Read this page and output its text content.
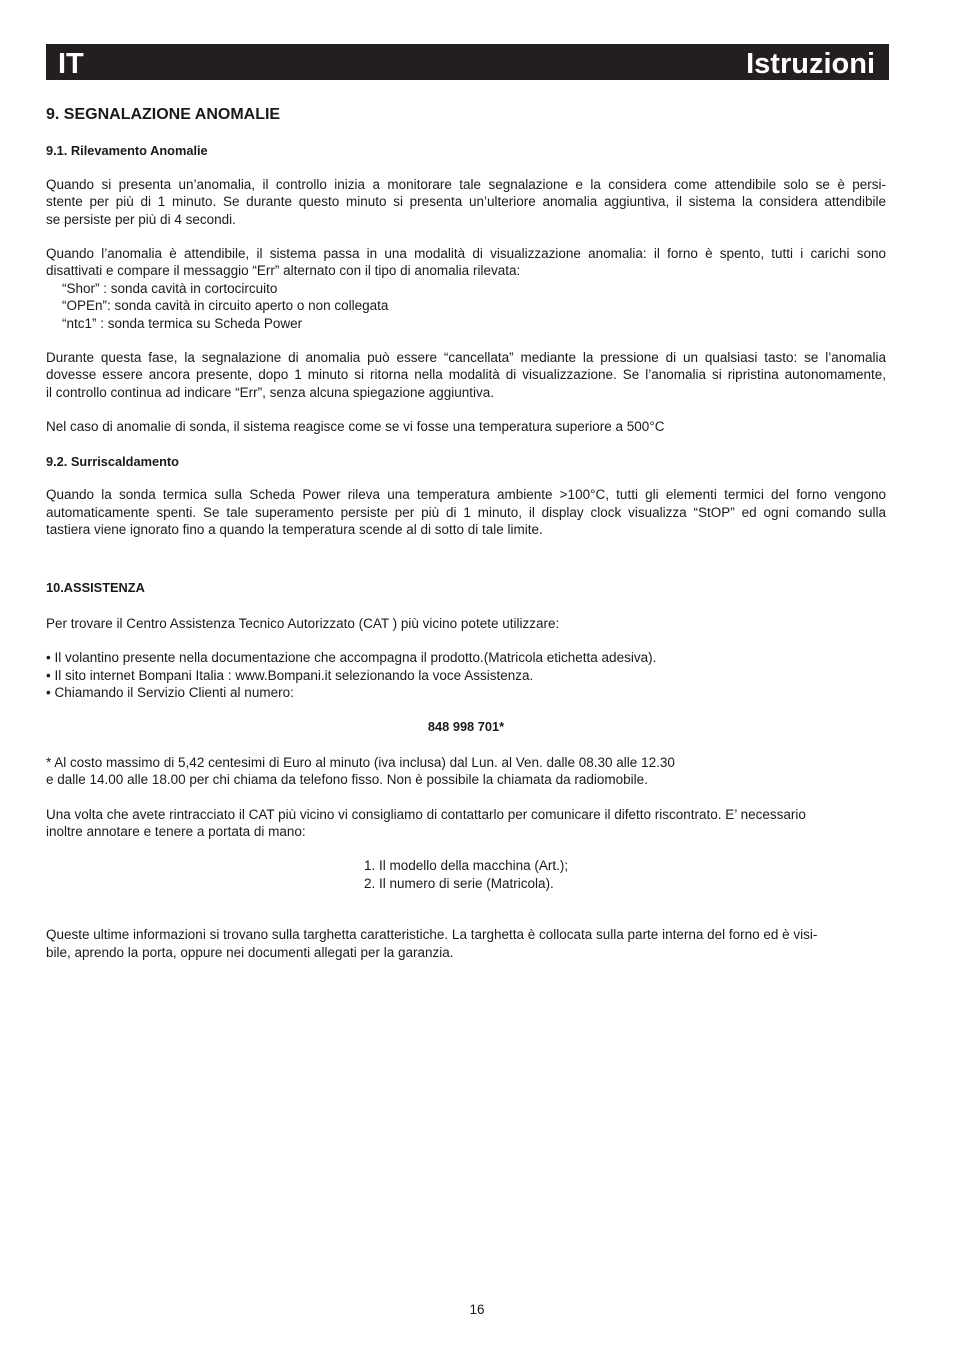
IT	Istruzioni
9. SEGNALAZIONE ANOMALIE
9.1. Rilevamento Anomalie
Quando si presenta un’anomalia, il controllo inizia a monitorare tale segnalazione e la considera come attendibile solo se è persi-
stente per più di 1 minuto. Se durante questo minuto si presenta un’ulteriore anomalia aggiuntiva, il sistema la considera attendibile
se persiste per più di 4 secondi.
Quando l’anomalia è attendibile, il sistema passa in una modalità di visualizzazione anomalia: il forno è spento, tutti i carichi sono
disattivati e compare il messaggio “Err” alternato con il tipo di anomalia rilevata:
“Shor” : sonda cavità in cortocircuito
“OPEn”: sonda cavità in circuito aperto o non collegata
“ntc1” : sonda termica su Scheda Power
Durante questa fase, la segnalazione di anomalia può essere “cancellata” mediante la pressione di un qualsiasi tasto: se l’anomalia
dovesse essere ancora presente, dopo 1 minuto si ritorna nella modalità di visualizzazione. Se l’anomalia si ripristina autonomamente,
il controllo continua ad indicare “Err”, senza alcuna spiegazione aggiuntiva.
Nel caso di anomalie di sonda, il sistema reagisce come se vi fosse una temperatura superiore a 500°C
9.2. Surriscaldamento
Quando la sonda termica sulla Scheda Power rileva una temperatura ambiente >100°C, tutti gli elementi termici del forno vengono
automaticamente spenti. Se tale superamento persiste per più di 1 minuto, il display clock visualizza “StOP” ed ogni comando sulla
tastiera viene ignorato fino a quando la temperatura scende al di sotto di tale limite.
10.ASSISTENZA
Per trovare il Centro Assistenza Tecnico Autorizzato (CAT ) più vicino potete utilizzare:
• Il volantino presente nella documentazione che accompagna il prodotto.(Matricola etichetta adesiva).
• Il sito internet Bompani Italia : www.Bompani.it selezionando la voce Assistenza.
• Chiamando il Servizio Clienti al numero:
848 998 701*
* Al costo massimo di 5,42 centesimi di Euro al minuto (iva inclusa) dal Lun. al Ven. dalle 08.30 alle 12.30
e dalle 14.00 alle 18.00 per chi chiama da telefono fisso. Non è possibile la chiamata da radiomobile.
Una volta che avete rintracciato il CAT più vicino vi consigliamo di contattarlo per comunicare il difetto riscontrato. E’ necessario
inoltre annotare e tenere a portata di mano:
1. Il modello della macchina (Art.);
2. Il numero di serie (Matricola).
Queste ultime informazioni si trovano sulla targhetta caratteristiche. La targhetta è collocata sulla parte interna del forno ed è visi-
bile, aprendo la porta, oppure nei documenti allegati per la garanzia.
16
